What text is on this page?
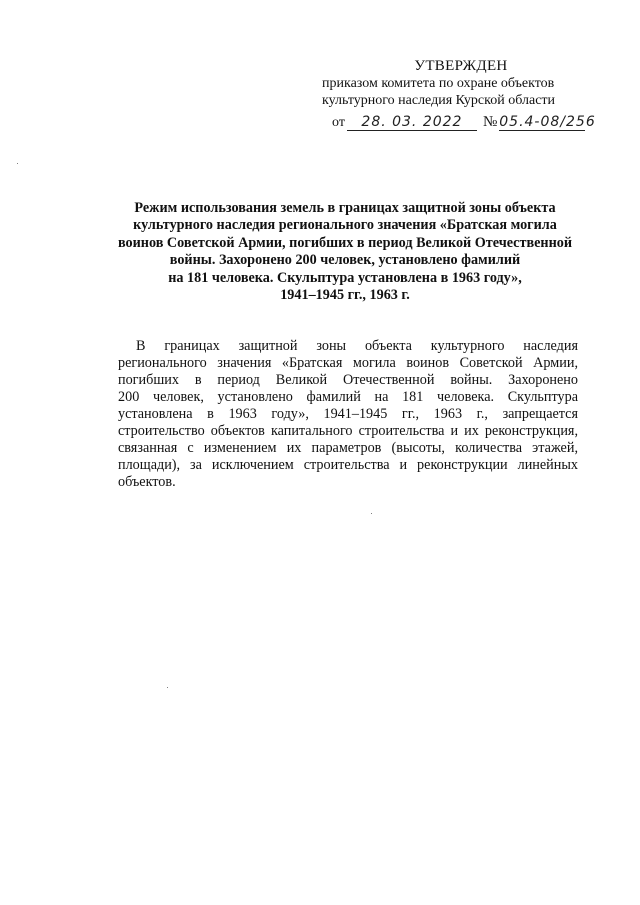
УТВЕРЖДЕН
приказом комитета по охране объектов
культурного наследия Курской области
от	28. 03. 2022	№ 05.4-08/256
Режим использования земель в границах защитной зоны объекта
культурного наследия регионального значения «Братская могила
воинов Советской Армии, погибших в период Великой Отечественной
войны. Захоронено 200 человек, установлено фамилий
на 181 человека. Скульптура установлена в 1963 году»,
1941–1945 гг., 1963 г.
В границах защитной зоны объекта культурного наследия
регионального значения «Братская могила воинов Советской Армии,
погибших в период Великой Отечественной войны. Захоронено
200 человек, установлено фамилий на 181 человека. Скульптура
установлена в 1963 году», 1941–1945 гг., 1963 г., запрещается
строительство объектов капитального строительства и их реконструкция,
связанная с изменением их параметров (высоты, количества этажей,
площади), за исключением строительства и реконструкции линейных
объектов.
